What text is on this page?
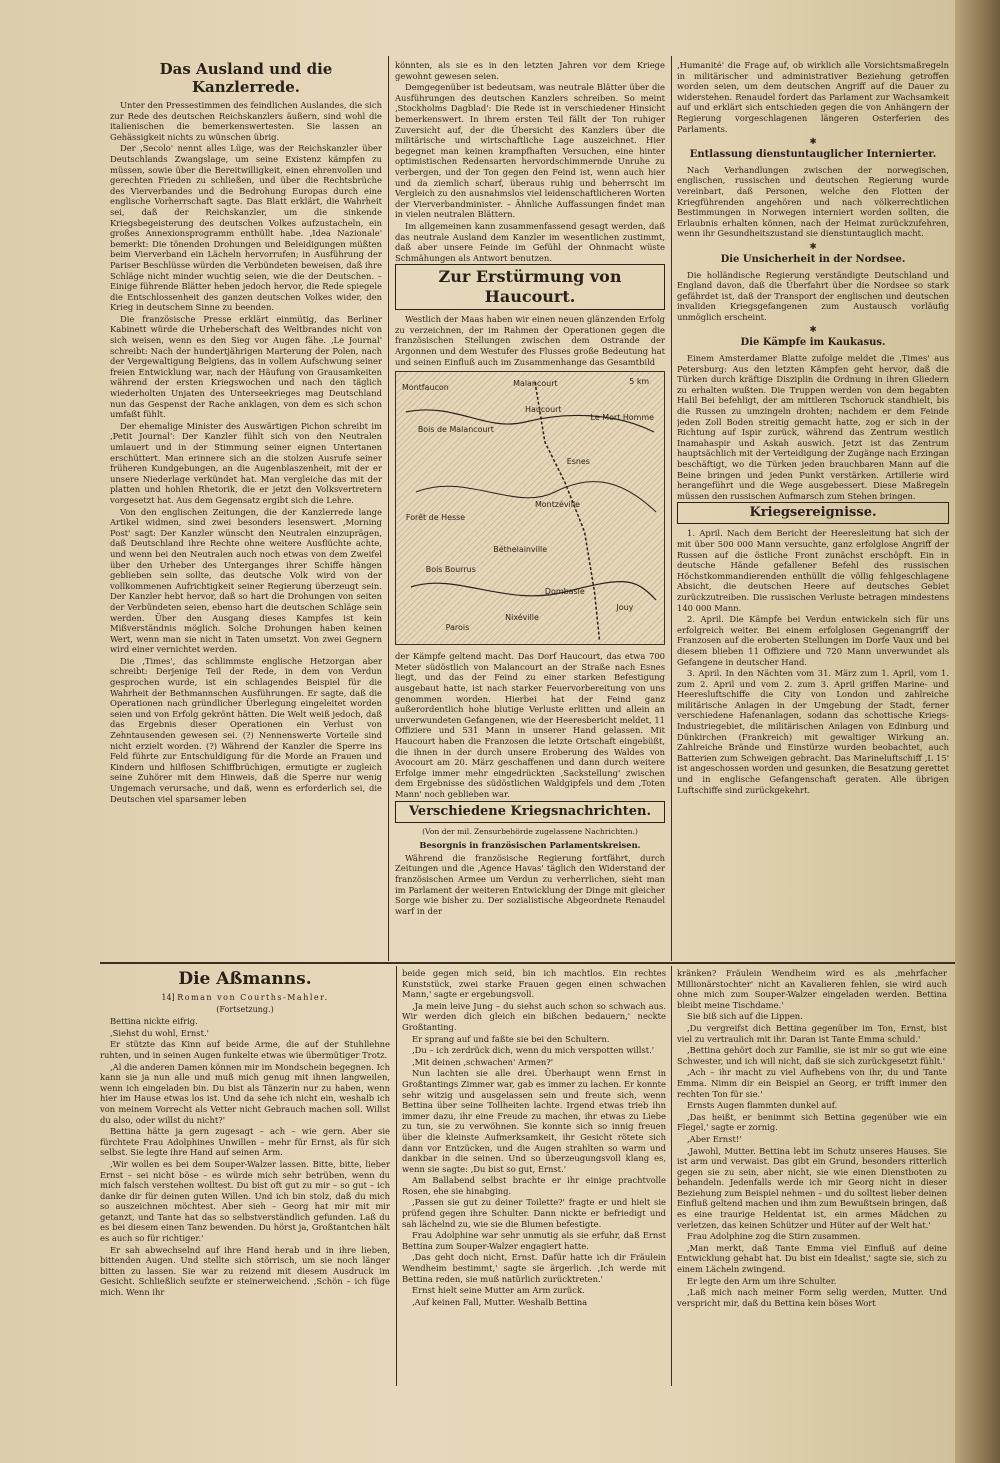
Das Ausland und die Kanzlerrede.

Unter den Pressestimmen des feindlichen Auslandes, die sich zur Rede des deutschen Reichskanzlers äußern, sind wohl die italienischen die bemerkenswertesten. Sie lassen an Gehässigkeit nichts zu wünschen übrig.

Der ‚Secolo' nennt alles Lüge, was der Reichskanzler über Deutschlands Zwangslage, um seine Existenz kämpfen zu müssen, sowie über die Bereitwilligkeit, einen ehrenvollen und gerechten Frieden zu schließen, und über die Rechtsbrüche des Vierverbandes und die Bedrohung Europas durch eine englische Vorherrschaft sagte. Das Blatt erklärt, die Wahrheit sei, daß der Reichskanzler, um die sinkende Kriegsbegeisterung des deutschen Volkes aufzustacheln, ein großes Annexionsprogramm enthüllt habe. ‚Idea Nazionale' bemerkt: Die tönenden Drohungen und Beleidigungen müßten beim Vierverband ein Lächeln hervorrufen; in Ausführung der Pariser Beschlüsse würden die Verbündeten beweisen, daß ihre Schläge nicht minder wuchtig seien, wie die der Deutschen. – Einige führende Blätter heben jedoch hervor, die Rede spiegele die Entschlossenheit des ganzen deutschen Volkes wider, den Krieg in deutschem Sinne zu beenden.

Die französische Presse erklärt einmütig, das Berliner Kabinett würde die Urheberschaft des Weltbrandes nicht von sich weisen, wenn es den Sieg vor Augen fähe. ‚Le Journal' schreibt: Nach der hundertjährigen Marterung der Polen, nach der Vergewaltigung Belgiens, das in vollem Aufschwung seiner freien Entwicklung war, nach der Häufung von Grausamkeiten während der ersten Kriegswochen und nach den täglich wiederholten Unjaten des Unterseekrieges mag Deutschland nun das Gespenst der Rache anklagen, von dem es sich schon umfaßt fühlt.

Der ehemalige Minister des Auswärtigen Pichon schreibt im ‚Petit Journal': Der Kanzler fühlt sich von den Neutralen umlauert und in der Stimmung seiner eignen Untertanen erschüttert. Man erinnere sich an die stolzen Ausrufe seiner früheren Kundgebungen, an die Augenblaszenheit, mit der er unsere Niederlage verkündet hat. Man vergleiche das mit der platten und hohlen Rhetorik, die er jetzt den Volksvertretern vorgesetzt hat. Aus dem Gegensatz ergibt sich die Lehre.

Von den englischen Zeitungen, die der Kanzlerrede lange Artikel widmen, sind zwei besonders lesenswert. ‚Morning Post' sagt: Der Kanzler wünscht den Neutralen einzuprägen, daß Deutschland ihre Rechte ohne weitere Ausflüchte achte, und wenn bei den Neutralen auch noch etwas von dem Zweifel über den Urheber des Unterganges ihrer Schiffe hängen geblieben sein sollte, das deutsche Volk wird von der vollkommenen Aufrichtigkeit seiner Regierung überzeugt sein. Der Kanzler hebt hervor, daß so hart die Drohungen von seiten der Verbündeten seien, ebenso hart die deutschen Schläge sein werden. Über den Ausgang dieses Kampfes ist kein Mißverständnis möglich. Solche Drohungen haben keinen Wert, wenn man sie nicht in Taten umsetzt. Von zwei Gegnern wird einer vernichtet werden.

Die ‚Times', das schlimmste englische Hetzorgan aber schreibt: Derjenige Teil der Rede, in dem von Verdun gesprochen wurde, ist ein schlagendes Beispiel für die Wahrheit der Bethmannschen Ausführungen. Er sagte, daß die Operationen nach gründlicher Überlegung eingeleitet worden seien und von Erfolg gekrönt hätten. Die Welt weiß jedoch, daß das Ergebnis dieser Operationen ein Verlust von Zehntausenden gewesen sei. (?) Nennenswerte Vorteile sind nicht erzielt worden. (?) Während der Kanzler die Sperre ins Feld führte zur Entschuldigung für die Morde an Frauen und Kindern und hilflosen Schiffbrüchigen, ermutigte er zugleich seine Zuhörer mit dem Hinweis, daß die Sperre nur wenig Ungemach verursache, und daß, wenn es erforderlich sei, die Deutschen viel sparsamer leben

könnten, als sie es in den letzten Jahren vor dem Kriege gewohnt gewesen seien.

Demgegenüber ist bedeutsam, was neutrale Blätter über die Ausführungen des deutschen Kanzlers schreiben. So meint ‚Stockholms Dagblad': Die Rede ist in verschiedener Hinsicht bemerkenswert. In ihrem ersten Teil fällt der Ton ruhiger Zuversicht auf, der die Übersicht des Kanzlers über die militärische und wirtschaftliche Lage auszeichnet. Hier begegnet man keinen krampfhaften Versuchen, eine hinter optimistischen Redensarten hervordschimmernde Unruhe zu verbergen, und der Ton gegen den Feind ist, wenn auch hier und da ziemlich scharf, überaus ruhig und beherrscht im Vergleich zu den ausnahmslos viel leidenschaftlicheren Worten der Vierverbandminister. – Ähnliche Auffassungen findet man in vielen neutralen Blättern.

Im allgemeinen kann zusammenfassend gesagt werden, daß das neutrale Ausland dem Kanzler im wesentlichen zustimmt, daß aber unsere Feinde im Gefühl der Ohnmacht wüste Schmähungen als Antwort benutzen.

Zur Erstürmung von Haucourt.

Westlich der Maas haben wir einen neuen glänzenden Erfolg zu verzeichnen, der im Rahmen der Operationen gegen die französischen Stellungen zwischen dem Ostrande der Argonnen und dem Westufer des Flusses große Bedeutung hat und seinen Einfluß auch im Zusammenhange das Gesamtbild

Malancourt
Montfaucon
Haucourt
Le Mort Homme
Bois de Malancourt
Esnes
Montzéville
Forêt de Hesse
Béthelainville
Bois Bourrus
Dombasle
Jouy
Parois
Nixéville
5 km

der Kämpfe geltend macht. Das Dorf Haucourt, das etwa 700 Meter südöstlich von Malancourt an der Straße nach Esnes liegt, und das der Feind zu einer starken Befestigung ausgebaut hatte, ist nach starker Feuervorbereitung von uns genommen worden. Hierbei hat der Feind ganz außerordentlich hohe blutige Verluste erlitten und allein an unverwundeten Gefangenen, wie der Heeresbericht meldet, 11 Offiziere und 531 Mann in unserer Hand gelassen. Mit Haucourt haben die Franzosen die letzte Ortschaft eingebüßt, die ihnen in der durch unsere Eroberung des Waldes von Avocourt am 20. März geschaffenen und dann durch weitere Erfolge immer mehr eingedrückten ‚Sackstellung' zwischen dem Ergebnisse des südöstlichen Waldgipfels und dem ‚Toten Mann' noch geblieben war.

Verschiedene Kriegsnachrichten.
(Von der mil. Zensurbehörde zugelassene Nachrichten.)
Besorgnis in französischen Parlamentskreisen.

Während die französische Regierung fortfährt, durch Zeitungen und die ‚Agence Havas' täglich den Widerstand der französischen Armee um Verdun zu verherrlichen, sieht man im Parlament der weiteren Entwicklung der Dinge mit gleicher Sorge wie bisher zu. Der sozialistische Abgeordnete Renaudel warf in der

‚Humanité' die Frage auf, ob wirklich alle Vorsichtsmaßregeln in militärischer und administrativer Beziehung getroffen worden seien, um dem deutschen Angriff auf die Dauer zu widerstehen. Renaudel fordert das Parlament zur Wachsamkeit auf und erklärt sich entschieden gegen die von Anhängern der Regierung vorgeschlagenen längeren Osterferien des Parlaments.

✱
Entlassung dienstuntauglicher Internierter.

Nach Verhandlungen zwischen der norwegischen, englischen, russischen und deutschen Regierung wurde vereinbart, daß Personen, welche den Flotten der Kriegführenden angehören und nach völkerrechtlichen Bestimmungen in Norwegen interniert worden sollten, die Erlaubnis erhalten können, nach der Heimat zurückzufehren, wenn ihr Gesundheitszustand sie dienstuntauglich macht.

✱
Die Unsicherheit in der Nordsee.

Die holländische Regierung verständigte Deutschland und England davon, daß die Überfahrt über die Nordsee so stark gefährdet ist, daß der Transport der englischen und deutschen invaliden Kriegsgefangenen zum Austausch vorläufig unmöglich erscheint.

✱
Die Kämpfe im Kaukasus.

Einem Amsterdamer Blatte zufolge meldet die ‚Times' aus Petersburg: Aus den letzten Kämpfen geht hervor, daß die Türken durch kräftige Disziplin die Ordnung in ihren Gliedern zu erhalten wußten. Die Truppen werden von dem begabten Halil Bei befehligt, der am mittleren Tschoruck standhielt, bis die Russen zu umzingeln drohten; nachdem er dem Feinde jeden Zoll Boden streitig gemacht hatte, zog er sich in der Richtung auf Ispir zurück, während das Zentrum westlich Inamahaspir und Askah auswich. Jetzt ist das Zentrum hauptsächlich mit der Verteidigung der Zugänge nach Erzingan beschäftigt, wo die Türken jeden brauchbaren Mann auf die Beine bringen und jeden Punkt verstärken. Artillerie wird herangeführt und die Wege ausgebessert. Diese Maßregeln müssen den russischen Aufmarsch zum Stehen bringen.

Kriegsereignisse.

1. April. Nach dem Bericht der Heeresleitung hat sich der mit über 500 000 Mann versuchte, ganz erfolglose Angriff der Russen auf die östliche Front zunächst erschöpft. Ein in deutsche Hände gefallener Befehl des russischen Höchstkommandierenden enthüllt die völlig fehlgeschlagene Absicht, die deutschen Heere auf deutsches Gebiet zurückzutreiben. Die russischen Verluste betragen mindestens 140 000 Mann.

2. April. Die Kämpfe bei Verdun entwickeln sich für uns erfolgreich weiter. Bei einem erfolglosen Gegenangriff der Franzosen auf die eroberten Stellungen im Dorfe Vaux und bei diesem blieben 11 Offiziere und 720 Mann unverwundet als Gefangene in deutscher Hand.

3. April. In den Nächten vom 31. März zum 1. April, vom 1. zum 2. April und vom 2. zum 3. April griffen Marine- und Heeresluftschiffe die City von London und zahlreiche militärische Anlagen in der Umgebung der Stadt, ferner verschiedene Hafenanlagen, sodann das schottische Kriegs-Industriegebiet, die militärischen Anlagen von Edinburg und Dünkirchen (Frankreich) mit gewaltiger Wirkung an. Zahlreiche Brände und Einstürze wurden beobachtet, auch Batterien zum Schweigen gebracht. Das Marineluftschiff ‚L 15' ist angeschossen worden und gesunken, die Besatzung gerettet und in englische Gefangenschaft geraten. Alle übrigen Luftschiffe sind zurückgekehrt.

Die Aßmanns.
14] Roman von Courths-Mahler.
(Fortsetzung.)

Bettina nickte eifrig.

‚Siehst du wohl, Ernst.'

Er stützte das Kinn auf beide Arme, die auf der Stuhllehne ruhten, und in seinen Augen funkelte etwas wie übermütiger Trotz.

‚Al die anderen Damen können mir im Mondschein begegnen. Ich kann sie ja nun alle und muß mich genug mit ihnen langweilen, wenn ich eingeladen bin. Du bist als Tänzerin nur zu haben, wenn hier im Hause etwas los ist. Und da sehe ich nicht ein, weshalb ich von meinem Vorrecht als Vetter nicht Gebrauch machen soll. Willst du also, oder willst du nicht?'

Bettina hätte ja gern zugesagt – ach – wie gern. Aber sie fürchtete Frau Adolphines Unwillen – mehr für Ernst, als für sich selbst. Sie legte ihre Hand auf seinen Arm.

‚Wir wollen es bei dem Souper-Walzer lassen. Bitte, bitte, lieber Ernst – sei nicht böse – es würde mich sehr betrüben, wenn du mich falsch verstehen wolltest. Du bist oft gut zu mir – so gut – ich danke dir für deinen guten Willen. Und ich bin stolz, daß du mich so auszeichnen möchtest. Aber sieh – Georg hat mir mit mir getanzt, und Tante hat das so selbstverständlich gefunden. Laß du es bei diesem einen Tanz bewenden. Du hörst ja, Großtantchen hält es auch so für richtiger.'

Er sah abwechselnd auf ihre Hand herab und in ihre lieben, bittenden Augen. Und stellte sich störrisch, um sie noch länger bitten zu lassen. Sie war zu reizend mit diesem Ausdruck im Gesicht. Schließlich seufzte er steinerweichend. ‚Schön – ich füge mich. Wenn ihr

beide gegen mich seid, bin ich machtlos. Ein rechtes Kunststück, zwei starke Frauen gegen einen schwachen Mann,' sagte er ergebungsvoll.

‚Ja mein leive Jung – du siehst auch schon so schwach aus. Wir werden dich gleich ein bißchen bedauern,' neckte Großtanting.

Er sprang auf und faßte sie bei den Schultern.

‚Du – ich zerdrück dich, wenn du mich verspotten willst.'

‚Mit deinen ‚schwachen' Armen?'

Nun lachten sie alle drei. Überhaupt wenn Ernst in Großtantings Zimmer war, gab es immer zu lachen. Er konnte sehr witzig und ausgelassen sein und freute sich, wenn Bettina über seine Tollheiten lachte. Irgend etwas trieb ihn immer dazu, ihr eine Freude zu machen, ihr etwas zu Liebe zu tun, sie zu verwöhnen. Sie konnte sich so innig freuen über die kleinste Aufmerksamkeit, ihr Gesicht rötete sich dann vor Entzücken, und die Augen strahlten so warm und dankbar in die seinen. Und so überzeugungsvoll klang es, wenn sie sagte: ‚Du bist so gut, Ernst.'

Am Ballabend selbst brachte er ihr einige prachtvolle Rosen, ehe sie hinabging.

‚Passen sie gut zu deiner Toilette?' fragte er und hielt sie prüfend gegen ihre Schulter. Dann nickte er befriedigt und sah lächelnd zu, wie sie die Blumen befestigte.

Frau Adolphine war sehr unmutig als sie erfuhr, daß Ernst Bettina zum Souper-Walzer engagiert hatte.

‚Das geht doch nicht, Ernst. Dafür hatte ich dir Fräulein Wendheim bestimmt,' sagte sie ärgerlich. ‚Ich werde mit Bettina reden, sie muß natürlich zurücktreten.'

Ernst hielt seine Mutter am Arm zurück.

‚Auf keinen Fall, Mutter. Weshalb Bettina

kränken? Fräulein Wendheim wird es als ‚mehrfacher Millionärstochter' nicht an Kavalieren fehlen, sie wird auch ohne mich zum Souper-Walzer eingeladen werden. Bettina bleibt meine Tischdame.'

Sie biß sich auf die Lippen.

‚Du vergreifst dich Bettina gegenüber im Ton, Ernst, bist viel zu vertraulich mit ihr. Daran ist Tante Emma schuld.'

‚Bettina gehört doch zur Familie, sie ist mir so gut wie eine Schwester, und ich will nicht, daß sie sich zurückgesetzt fühlt.'

‚Ach – ihr macht zu viel Aufhebens von ihr, du und Tante Emma. Nimm dir ein Beispiel an Georg, er trifft immer den rechten Ton für sie.'

Ernsts Augen flammten dunkel auf.

‚Das heißt, er benimmt sich Bettina gegenüber wie ein Flegel,' sagte er zornig.

‚Aber Ernst!'

‚Jawohl, Mutter. Bettina lebt im Schutz unseres Hauses. Sie ist arm und verwaist. Das gibt ein Grund, besonders ritterlich gegen sie zu sein, aber nicht, sie wie einen Dienstboten zu behandeln. Jedenfalls werde ich mir Georg nicht in dieser Beziehung zum Beispiel nehmen – und du solltest lieber deinen Einfluß geltend machen und ihm zum Bewußtsein bringen, daß es eine traurige Heldentat ist, ein armes Mädchen zu verletzen, das keinen Schützer und Hüter auf der Welt hat.'

Frau Adolphine zog die Stirn zusammen.

‚Man merkt, daß Tante Emma viel Einfluß auf deine Entwicklung gehabt hat. Du bist ein Idealist,' sagte sie, sich zu einem Lächeln zwingend.

Er legte den Arm um ihre Schulter.

‚Laß mich nach meiner Form selig werden, Mutter. Und verspricht mir, daß du Bettina kein böses Wort
